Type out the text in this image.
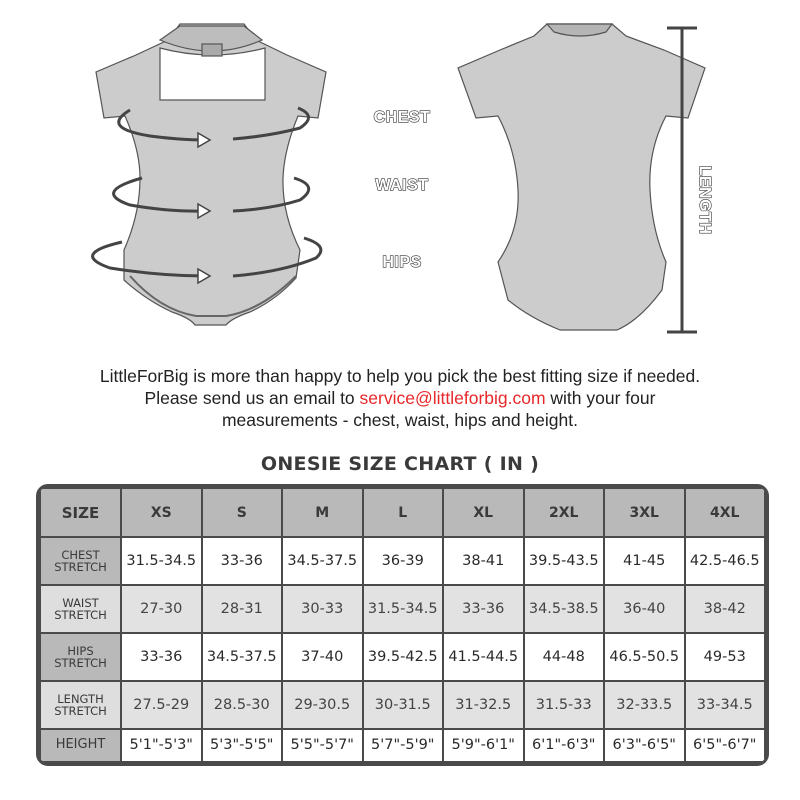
CHEST
WAIST
HIPS
LENGTH
LittleForBig is more than happy to help you pick the best fitting size if needed.
Please send us an email to service@littleforbig.com with your four
measurements - chest, waist, hips and height.
ONESIE SIZE CHART ( IN )
SIZE	XS	S	M	L	XL	2XL	3XL	4XL

CHEST
STRETCH	31.5-34.5	33-36	34.5-37.5	36-39	38-41	39.5-43.5	41-45	42.5-46.5

WAIST
STRETCH	27-30	28-31	30-33	31.5-34.5	33-36	34.5-38.5	36-40	38-42

HIPS
STRETCH	33-36	34.5-37.5	37-40	39.5-42.5	41.5-44.5	44-48	46.5-50.5	49-53

LENGTH
STRETCH	27.5-29	28.5-30	29-30.5	30-31.5	31-32.5	31.5-33	32-33.5	33-34.5

HEIGHT	5'1"-5'3"	5'3"-5'5"	5'5"-5'7"	5'7"-5'9"	5'9"-6'1"	6'1"-6'3"	6'3"-6'5"	6'5"-6'7"
